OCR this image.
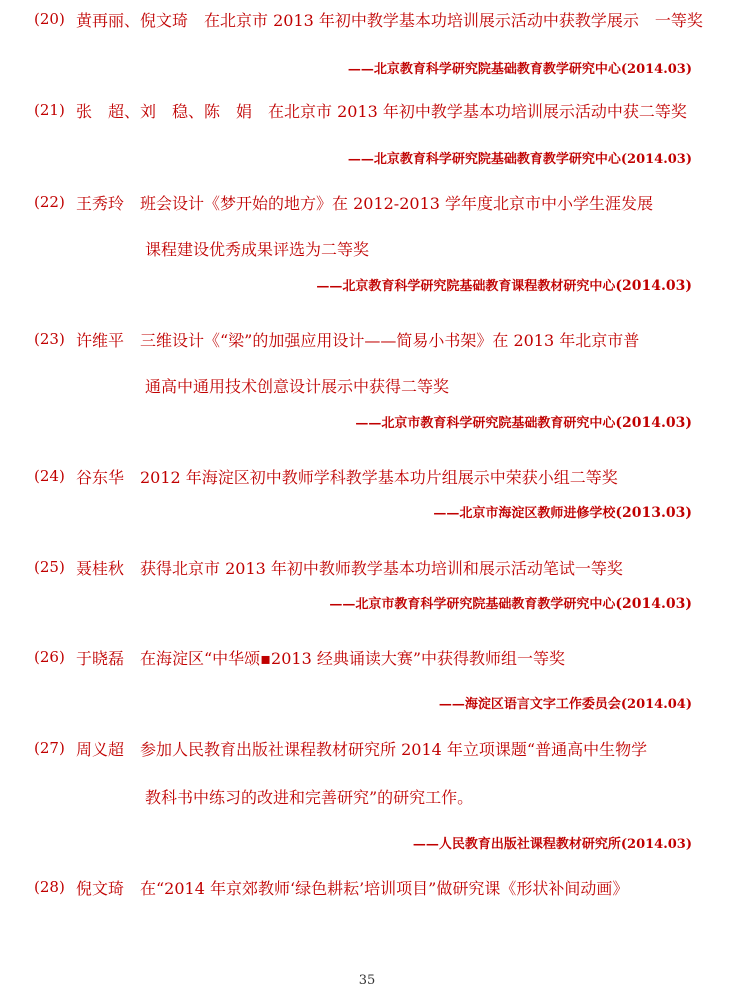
(20) 黄再丽、倪文琦　在北京市 2013 年初中教学基本功培训展示活动中获教学展示　一等奖
——北京教育科学研究院基础教育教学研究中心(2014.03)
(21) 张　超、刘　稳、陈　娟　在北京市 2013 年初中教学基本功培训展示活动中获二等奖
——北京教育科学研究院基础教育教学研究中心(2014.03)
(22) 王秀玲　班会设计《梦开始的地方》在 2012-2013 学年度北京市中小学生涯发展
课程建设优秀成果评选为二等奖
——北京教育科学研究院基础教育课程教材研究中心(2014.03)
(23) 许维平　三维设计《“梁”的加强应用设计——简易小书架》在 2013 年北京市普
通高中通用技术创意设计展示中获得二等奖
——北京市教育科学研究院基础教育研究中心(2014.03)
(24) 谷东华　2012 年海淀区初中教师学科教学基本功片组展示中荣获小组二等奖
——北京市海淀区教师进修学校(2013.03)
(25) 聂桂秋　获得北京市 2013 年初中教师教学基本功培训和展示活动笔试一等奖
——北京市教育科学研究院基础教育教学研究中心(2014.03)
(26) 于晓磊　在海淀区“中华颂▪2013 经典诵读大赛”中获得教师组一等奖
——海淀区语言文字工作委员会(2014.04)
(27) 周义超　参加人民教育出版社课程教材研究所 2014 年立项课题“普通高中生物学
教科书中练习的改进和完善研究”的研究工作。
——人民教育出版社课程教材研究所(2014.03)
(28) 倪文琦　在“2014 年京郊教师‘绿色耕耘’培训项目”做研究课《形状补间动画》
35
